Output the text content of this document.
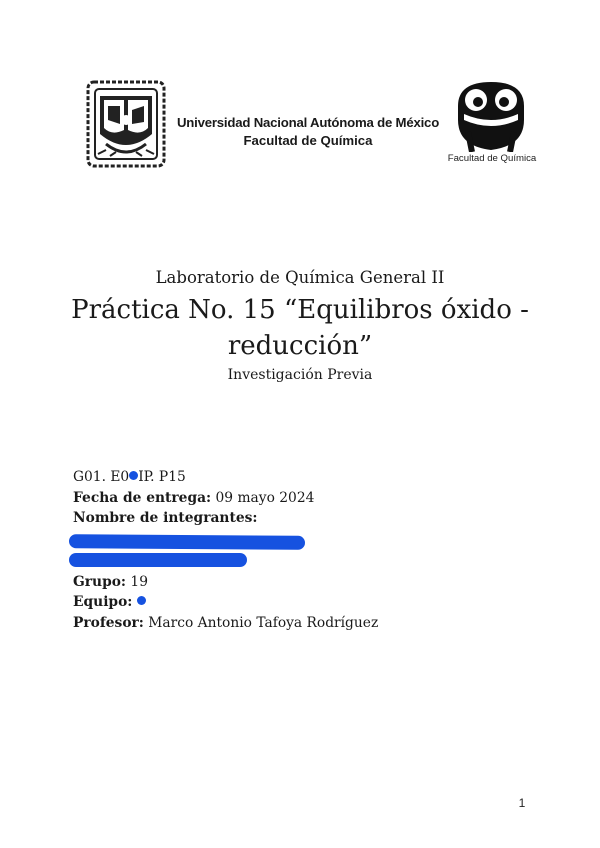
Universidad Nacional Autónoma de México
Facultad de Química
Facultad de Química
Laboratorio de Química General II
Práctica No. 15 “Equilibros óxido -
reducción”
Investigación Previa
G01. E0 IP. P15
Fecha de entrega: 09 mayo 2024
Nombre de integrantes:
Grupo: 19
Equipo:
Profesor: Marco Antonio Tafoya Rodríguez
1
